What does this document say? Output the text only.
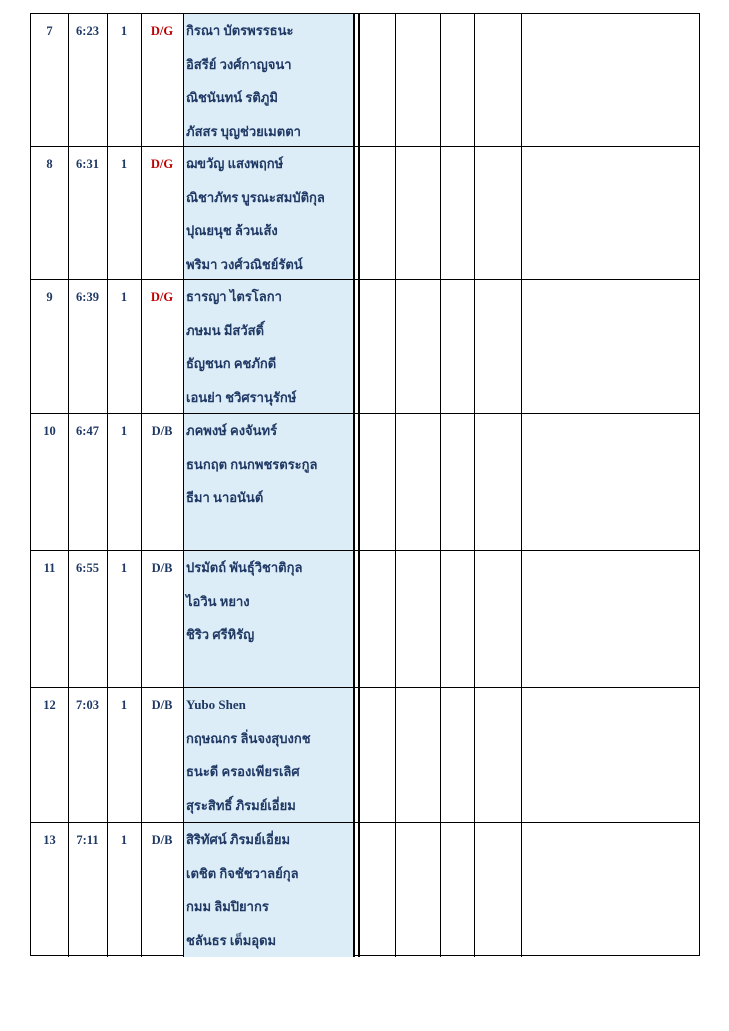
7	6:23	1	D/G กิรณา บัตรพรรธนะ
อิสรีย์ วงศ์กาญจนา
ณิชนันทน์ รติภูมิ
ภัสสร บุญช่วยเมตตา
8	6:31	1	D/G ฌขวัญ แสงพฤกษ์
ณิชาภัทร บูรณะสมบัติกุล
ปุณยนุช ล้วนเส้ง
พริมา วงศ์วณิชย์รัตน์
9	6:39	1	D/G ธารญา ไตรโลกา
ภษมน มีสวัสดิ์
ธัญชนก คชภักดี
เอนย่า ชวิศรานุรักษ์
10	6:47	1	D/B	ภคพงษ์ คงจันทร์
ธนกฤต กนกพชรตระกูล
ธีมา นาอนันต์
11	6:55	1	D/B	ปรมัตถ์ พันธุ์วิชาติกุล
ไอวิน หยาง
ชิริว ศรีหิรัญ
12	7:03	1	D/B	Yubo Shen
กฤษณกร ลิ่นจงสุบงกช
ธนะดี ครองเพียรเลิศ
สุระสิทธิ์ ภิรมย์เอี่ยม
13	7:11	1	D/B	สิริทัศน์ ภิรมย์เอี่ยม
เตชิต กิจชัชวาลย์กุล
กมม ลิมปิยากร
ชลันธร เต็มอุดม
